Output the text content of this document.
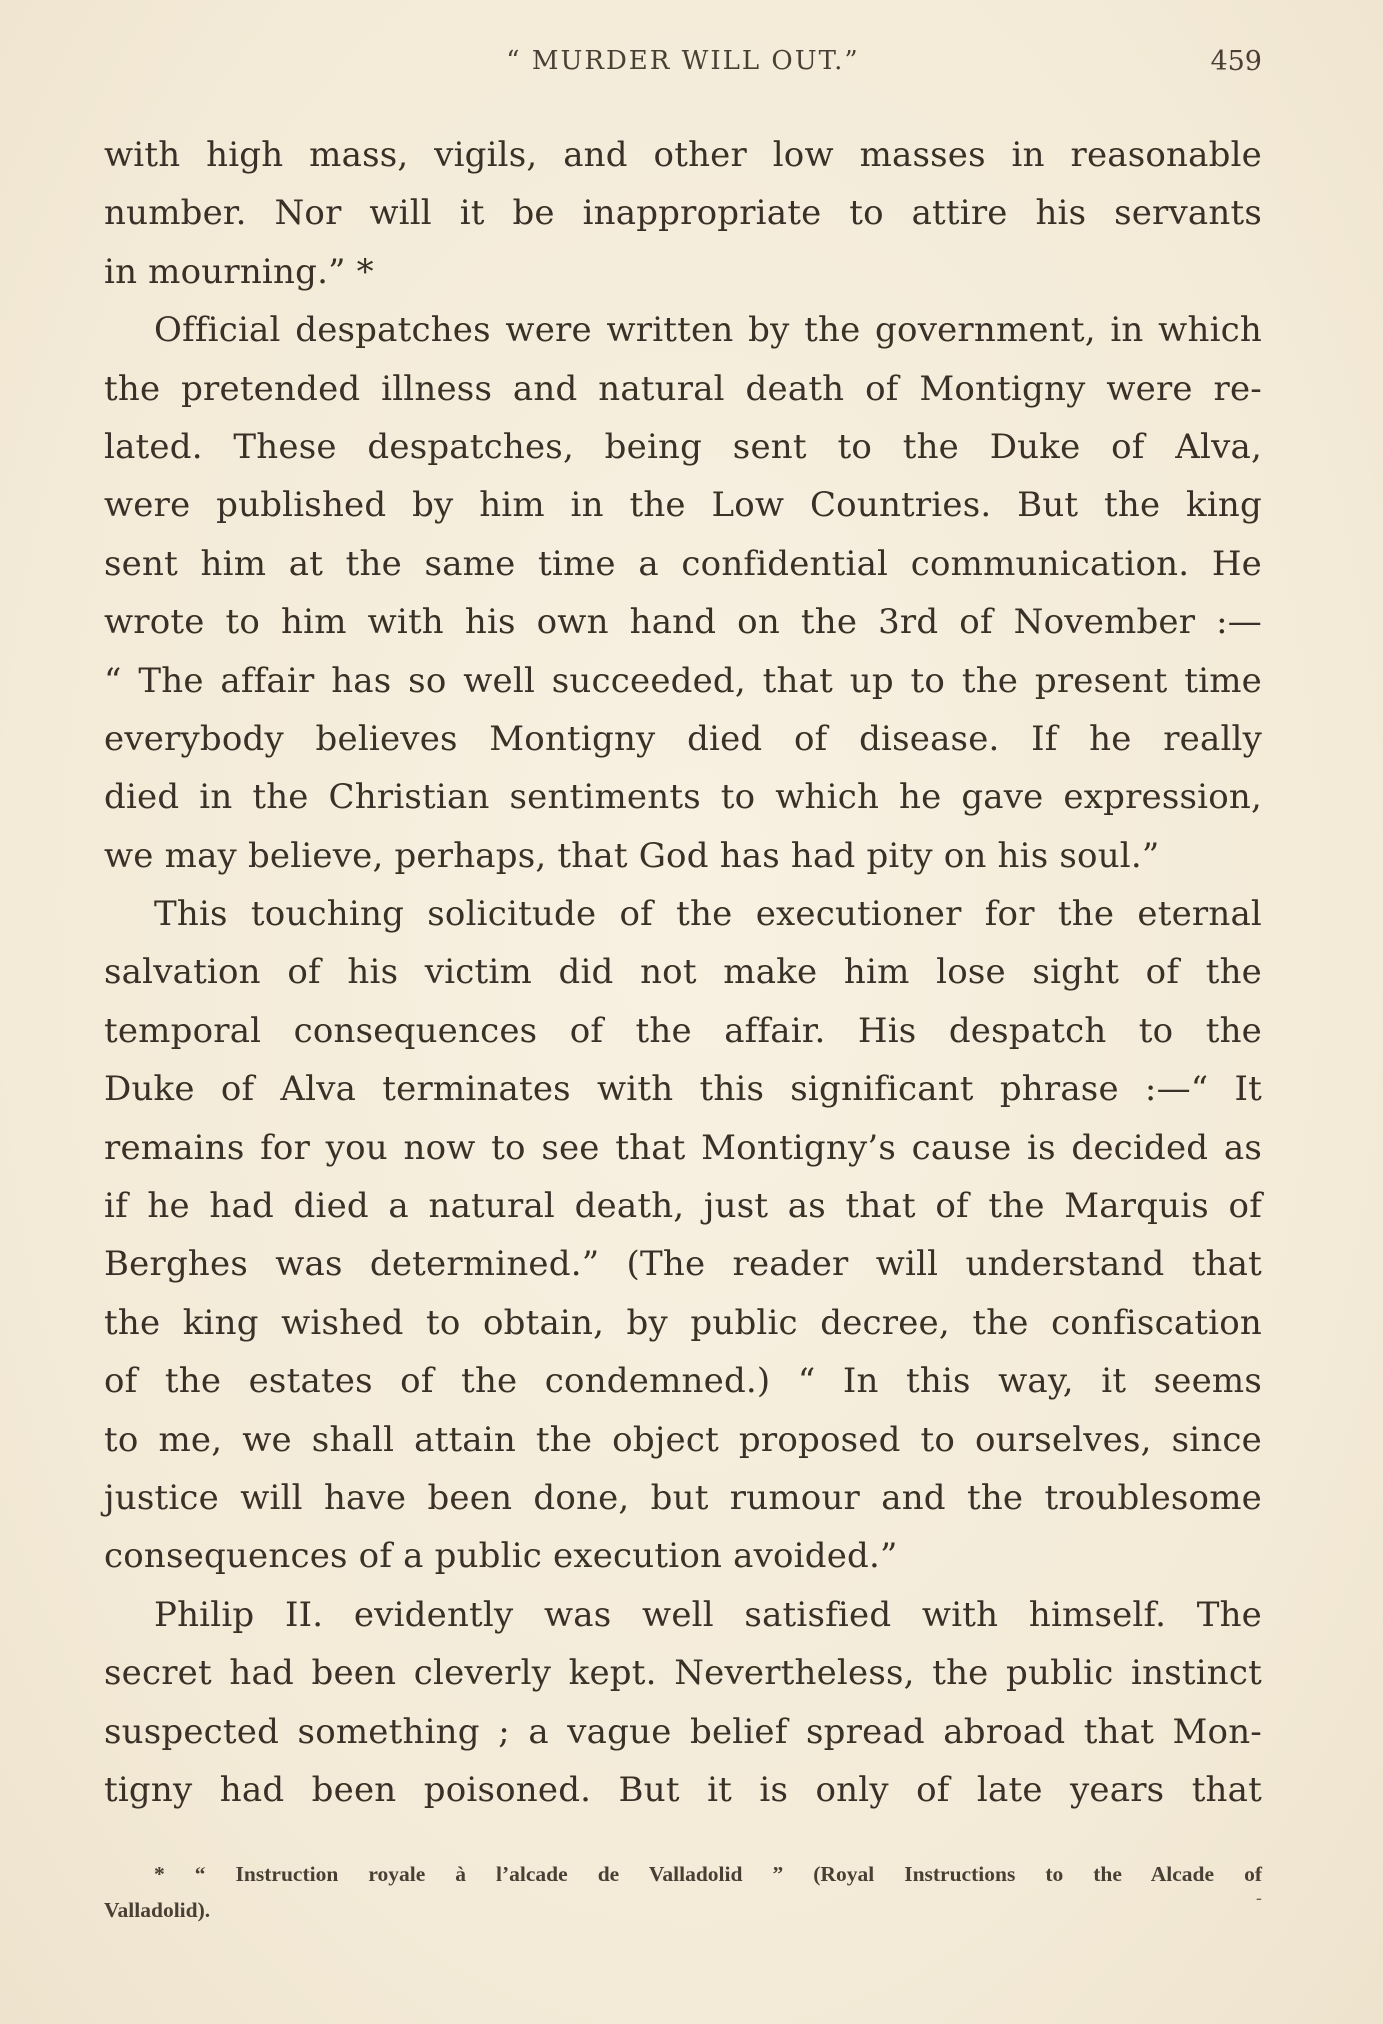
“ MURDER WILL OUT.”	459
with high mass, vigils, and other low masses in reasonable
number. Nor will it be inappropriate to attire his servants
in mourning.” *
Official despatches were written by the government, in which
the pretended illness and natural death of Montigny were re-
lated. These despatches, being sent to the Duke of Alva,
were published by him in the Low Countries. But the king
sent him at the same time a confidential communication. He
wrote to him with his own hand on the 3rd of November :—
“ The affair has so well succeeded, that up to the present time
everybody believes Montigny died of disease. If he really
died in the Christian sentiments to which he gave expression,
we may believe, perhaps, that God has had pity on his soul.”
This touching solicitude of the executioner for the eternal
salvation of his victim did not make him lose sight of the
temporal consequences of the affair. His despatch to the
Duke of Alva terminates with this significant phrase :—“ It
remains for you now to see that Montigny’s cause is decided as
if he had died a natural death, just as that of the Marquis of
Berghes was determined.” (The reader will understand that
the king wished to obtain, by public decree, the confiscation
of the estates of the condemned.) “ In this way, it seems
to me, we shall attain the object proposed to ourselves, since
justice will have been done, but rumour and the troublesome
consequences of a public execution avoided.”
Philip II. evidently was well satisfied with himself. The
secret had been cleverly kept. Nevertheless, the public instinct
suspected something ; a vague belief spread abroad that Mon-
tigny had been poisoned. But it is only of late years that
* “ Instruction royale à l’alcade de Valladolid ” (Royal Instructions to the Alcade of
Valladolid).	-
